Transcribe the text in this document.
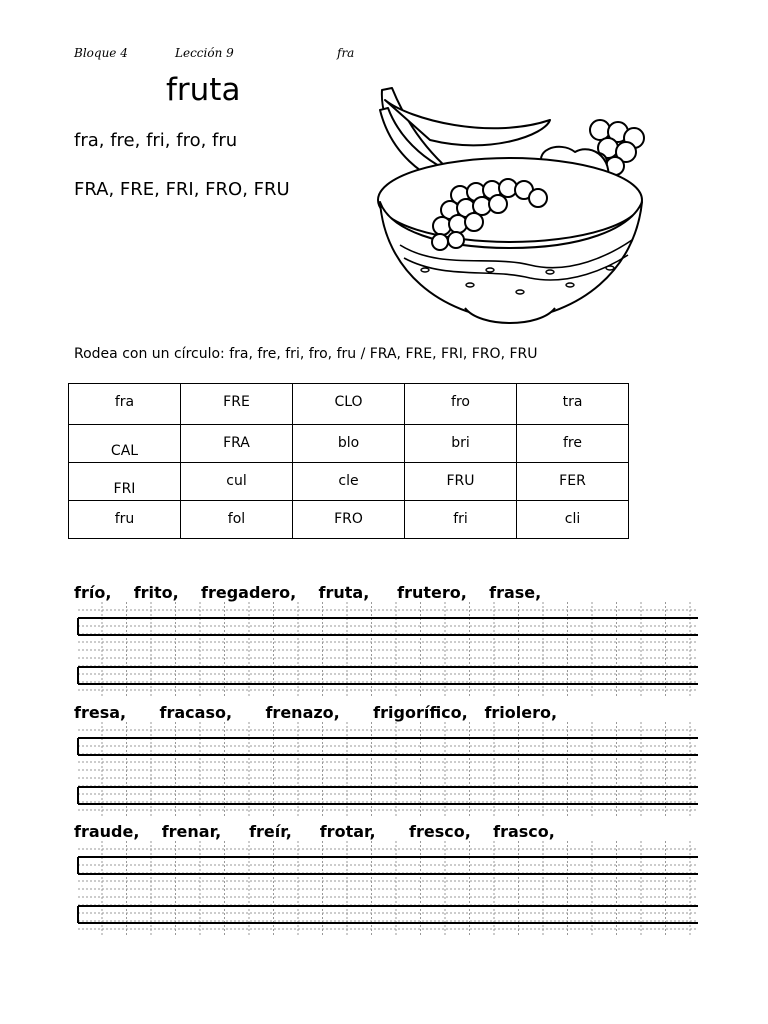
Bloque 4	Lección 9	fra
fruta
fra, fre, fri, fro, fru
FRA, FRE, FRI, FRO, FRU
Rodea con un círculo: fra, fre, fri, fro, fru / FRA, FRE, FRI, FRO, FRU
fra	FRE	CLO	fro	tra
CAL	FRA	blo	bri	fre
FRI	cul	cle	FRU	FER
fru	fol	FRO	fri	cli
frío,    frito,    fregadero,    fruta,     frutero,    frase,
fresa,      fracaso,      frenazo,      frigorífico,   friolero,
fraude,    frenar,     freír,     frotar,      fresco,    frasco,
